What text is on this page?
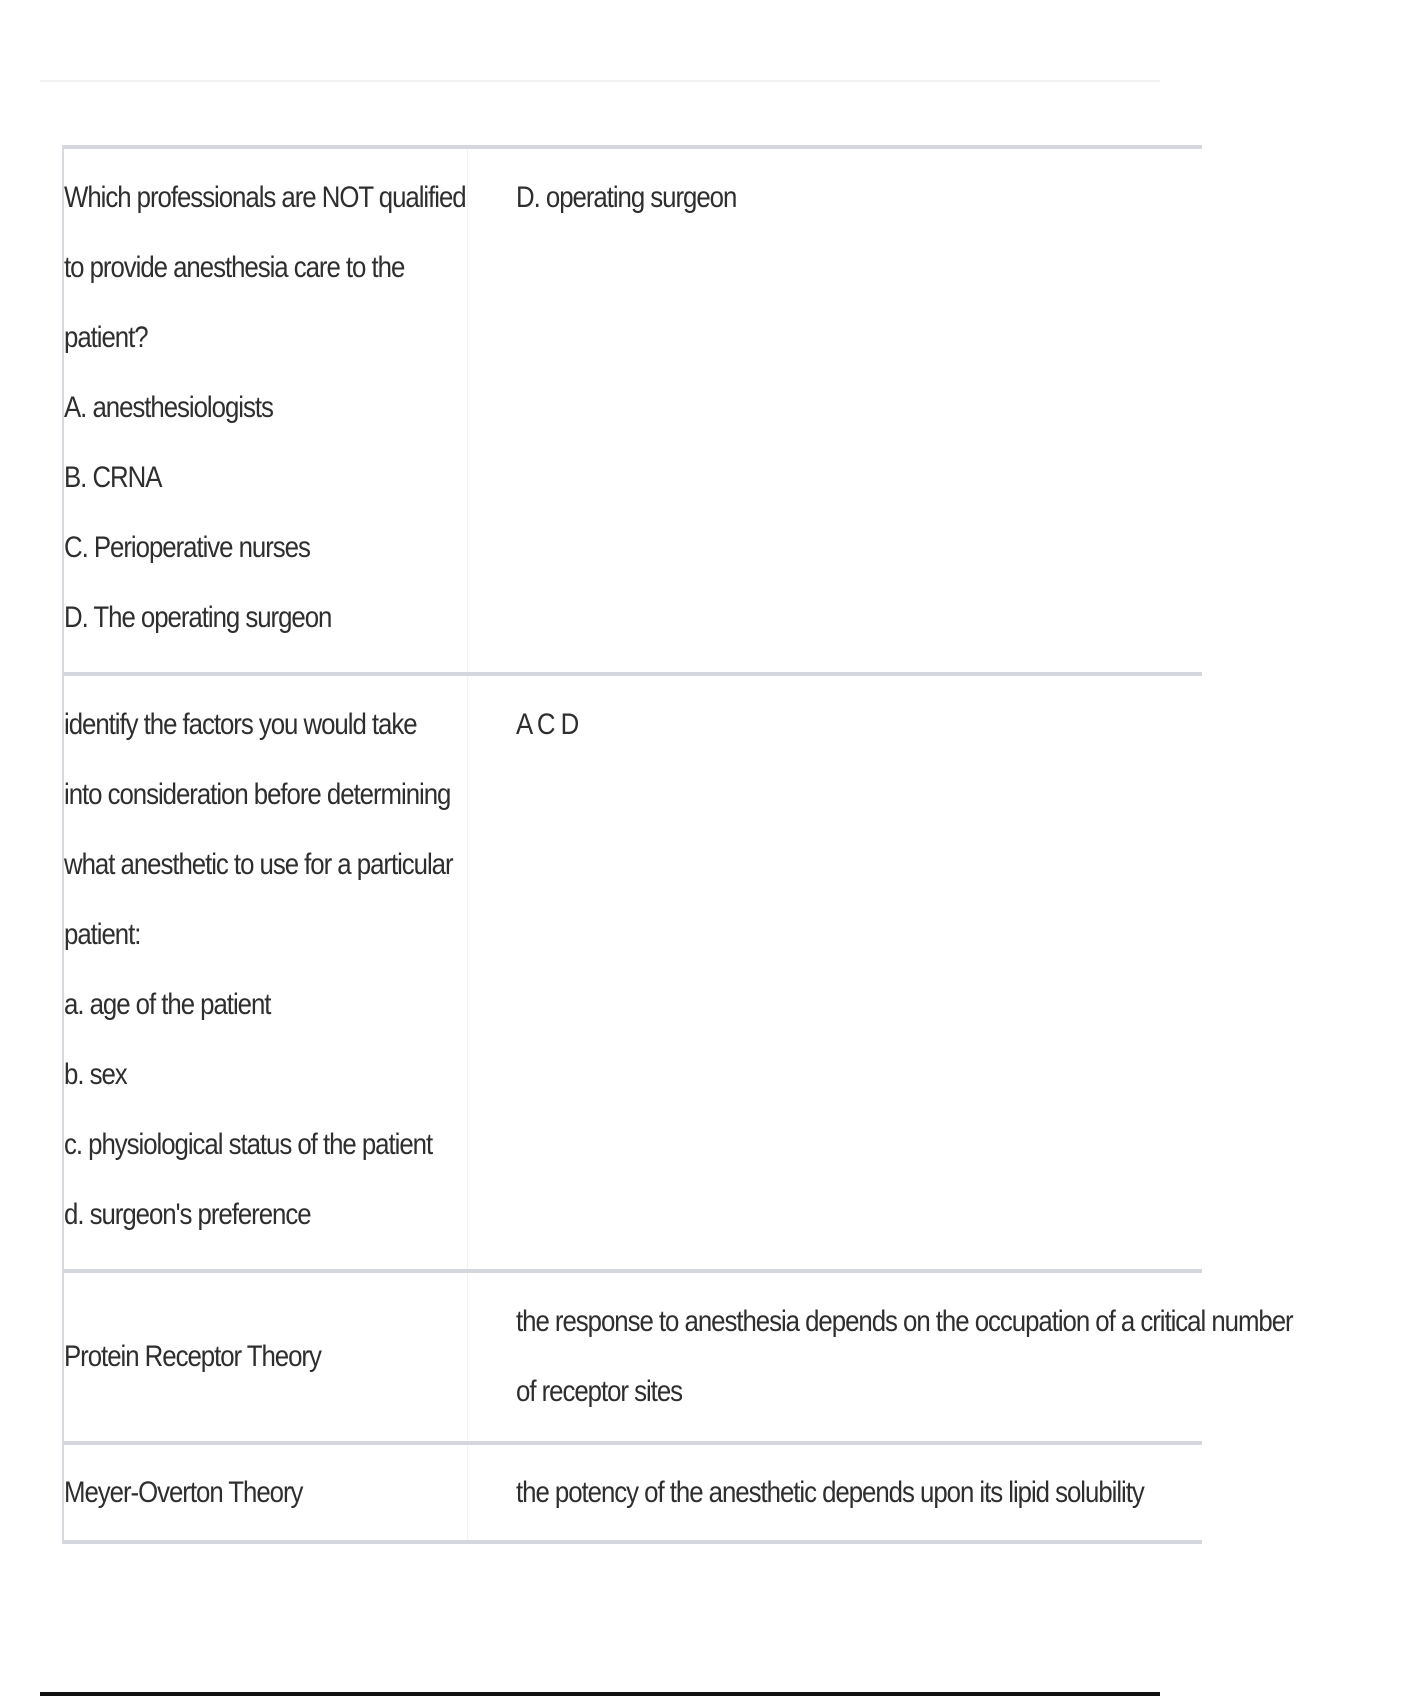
Which professionals are NOT qualified
to provide anesthesia care to the
patient?
A. anesthesiologists
B. CRNA
C. Perioperative nurses
D. The operating surgeon
D. operating surgeon
identify the factors you would take
into consideration before determining
what anesthetic to use for a particular
patient:
a. age of the patient
b. sex
c. physiological status of the patient
d. surgeon's preference
A C D
Protein Receptor Theory
the response to anesthesia depends on the occupation of a critical number
of receptor sites
Meyer-Overton Theory	the potency of the anesthetic depends upon its lipid solubility
